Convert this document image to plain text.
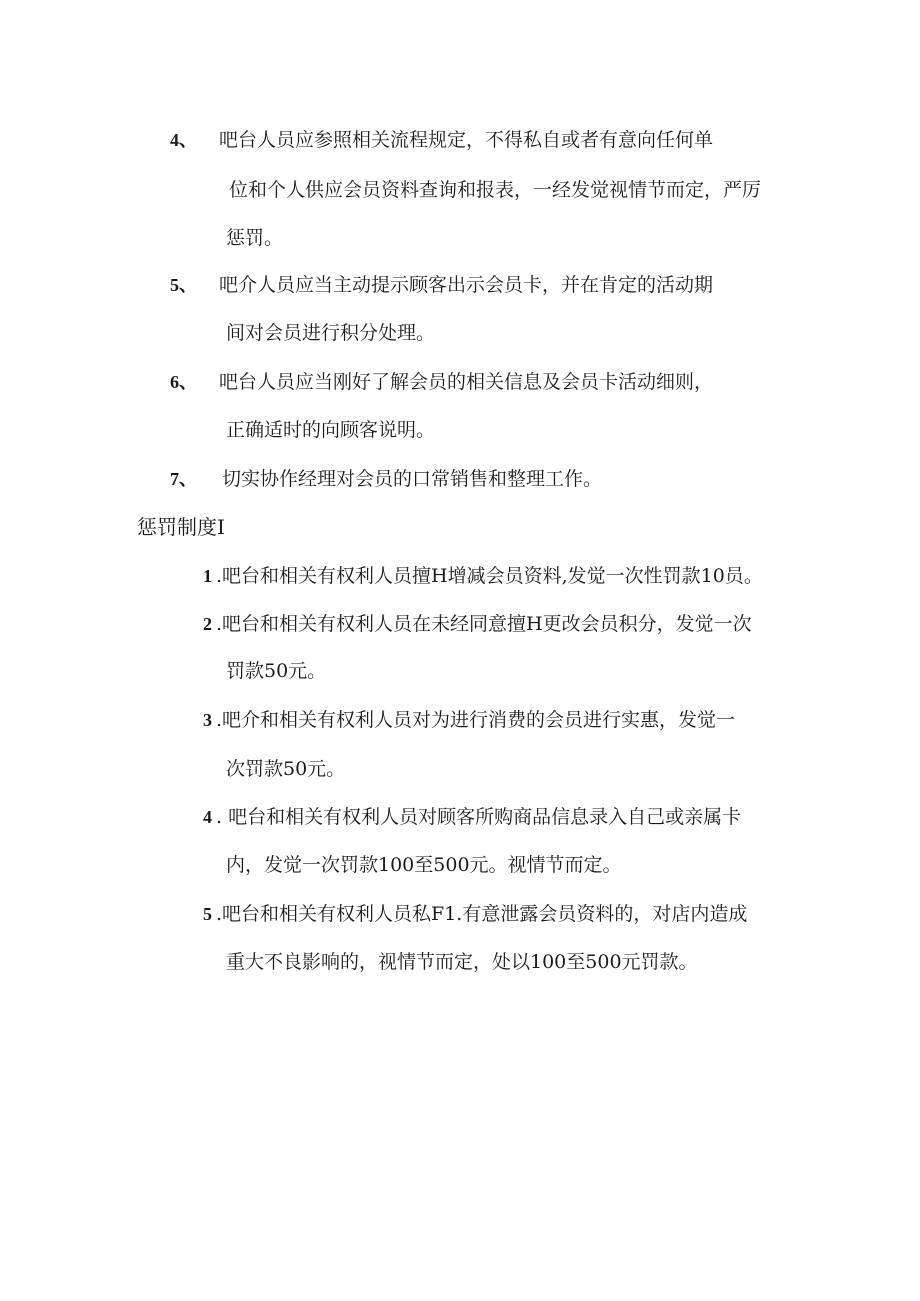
4、 吧台人员应参照相关流程规定，不得私自或者有意向任何单
位和个人供应会员资料查询和报表，一经发觉视情节而定，严厉
惩罚。
5、 吧介人员应当主动提示顾客出示会员卡，并在肯定的活动期
间对会员进行积分处理。
6、 吧台人员应当刚好了解会员的相关信息及会员卡活动细则，
正确适时的向顾客说明。
7、 切实协作经理对会员的口常销售和整理工作。
惩罚制度I
1 .吧台和相关有权利人员擅H增减会员资料,发觉一次性罚款10员。
2 .吧台和相关有权利人员在未经同意擅H更改会员积分，发觉一次
罚款50元。
3 .吧介和相关有权利人员对为进行消费的会员进行实惠，发觉一
次罚款50元。
4 . 吧台和相关有权利人员对顾客所购商品信息录入自己或亲属卡
内，发觉一次罚款100至500元。视情节而定。
5 .吧台和相关有权利人员私F1.有意泄露会员资料的，对店内造成
重大不良影响的，视情节而定，处以100至500元罚款。
